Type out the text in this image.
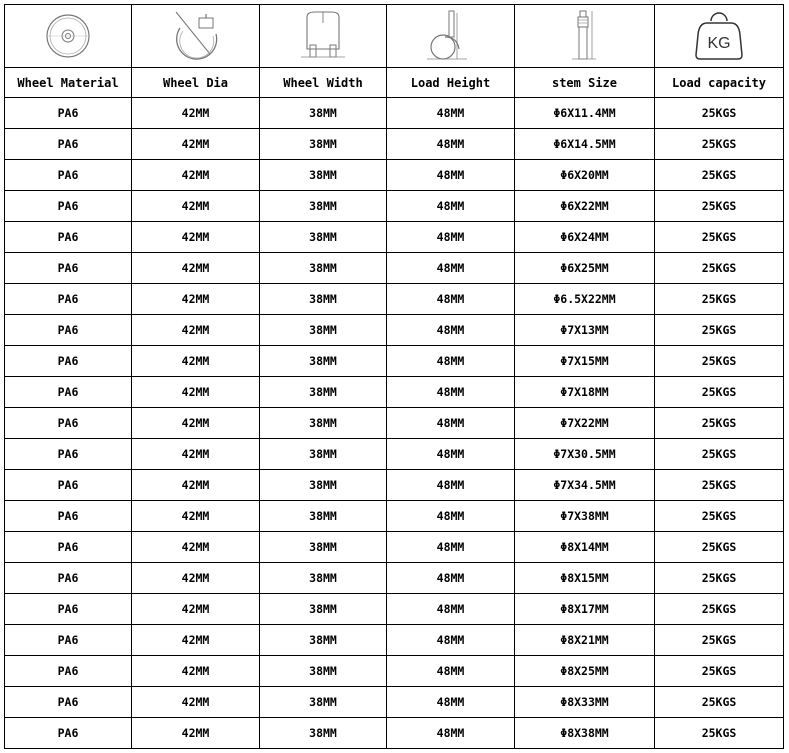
KG

Wheel Material	Wheel Dia	Wheel Width	Load Height	stem Size	Load capacity
PA6	42MM	38MM	48MM	Φ6X11.4MM	25KGS
PA6	42MM	38MM	48MM	Φ6X14.5MM	25KGS
PA6	42MM	38MM	48MM	Φ6X20MM	25KGS
PA6	42MM	38MM	48MM	Φ6X22MM	25KGS
PA6	42MM	38MM	48MM	Φ6X24MM	25KGS
PA6	42MM	38MM	48MM	Φ6X25MM	25KGS
PA6	42MM	38MM	48MM	Φ6.5X22MM	25KGS
PA6	42MM	38MM	48MM	Φ7X13MM	25KGS
PA6	42MM	38MM	48MM	Φ7X15MM	25KGS
PA6	42MM	38MM	48MM	Φ7X18MM	25KGS
PA6	42MM	38MM	48MM	Φ7X22MM	25KGS
PA6	42MM	38MM	48MM	Φ7X30.5MM	25KGS
PA6	42MM	38MM	48MM	Φ7X34.5MM	25KGS
PA6	42MM	38MM	48MM	Φ7X38MM	25KGS
PA6	42MM	38MM	48MM	Φ8X14MM	25KGS
PA6	42MM	38MM	48MM	Φ8X15MM	25KGS
PA6	42MM	38MM	48MM	Φ8X17MM	25KGS
PA6	42MM	38MM	48MM	Φ8X21MM	25KGS
PA6	42MM	38MM	48MM	Φ8X25MM	25KGS
PA6	42MM	38MM	48MM	Φ8X33MM	25KGS
PA6	42MM	38MM	48MM	Φ8X38MM	25KGS
